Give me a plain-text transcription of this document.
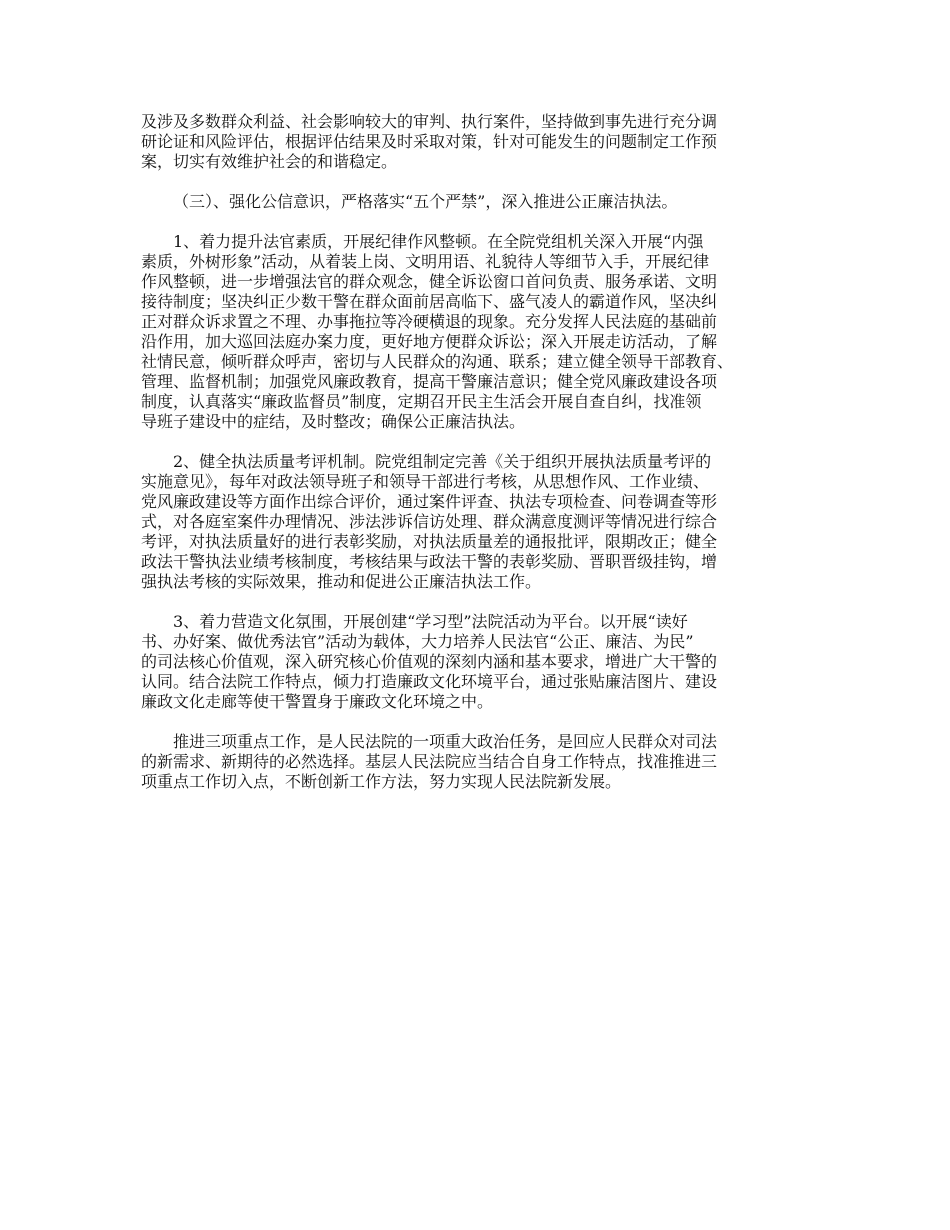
及涉及多数群众利益、社会影响较大的审判、执行案件，坚持做到事先进行充分调
研论证和风险评估，根据评估结果及时采取对策，针对可能发生的问题制定工作预
案，切实有效维护社会的和谐稳定。

（三）、强化公信意识，严格落实“五个严禁”，深入推进公正廉洁执法。

1、着力提升法官素质，开展纪律作风整顿。在全院党组机关深入开展“内强
素质，外树形象”活动，从着装上岗、文明用语、礼貌待人等细节入手，开展纪律
作风整顿，进一步增强法官的群众观念，健全诉讼窗口首问负责、服务承诺、文明
接待制度；坚决纠正少数干警在群众面前居高临下、盛气凌人的霸道作风，坚决纠
正对群众诉求置之不理、办事拖拉等冷硬横退的现象。充分发挥人民法庭的基础前
沿作用，加大巡回法庭办案力度，更好地方便群众诉讼；深入开展走访活动，了解
社情民意，倾听群众呼声，密切与人民群众的沟通、联系；建立健全领导干部教育、
管理、监督机制；加强党风廉政教育，提高干警廉洁意识；健全党风廉政建设各项
制度，认真落实“廉政监督员”制度，定期召开民主生活会开展自查自纠，找准领
导班子建设中的症结，及时整改；确保公正廉洁执法。

2、健全执法质量考评机制。院党组制定完善《关于组织开展执法质量考评的
实施意见》，每年对政法领导班子和领导干部进行考核，从思想作风、工作业绩、
党风廉政建设等方面作出综合评价，通过案件评查、执法专项检查、问卷调查等形
式，对各庭室案件办理情况、涉法涉诉信访处理、群众满意度测评等情况进行综合
考评，对执法质量好的进行表彰奖励，对执法质量差的通报批评，限期改正；健全
政法干警执法业绩考核制度，考核结果与政法干警的表彰奖励、晋职晋级挂钩，增
强执法考核的实际效果，推动和促进公正廉洁执法工作。

3、着力营造文化氛围，开展创建“学习型”法院活动为平台。以开展“读好
书、办好案、做优秀法官”活动为载体，大力培养人民法官“公正、廉洁、为民”
的司法核心价值观，深入研究核心价值观的深刻内涵和基本要求，增进广大干警的
认同。结合法院工作特点，倾力打造廉政文化环境平台，通过张贴廉洁图片、建设
廉政文化走廊等使干警置身于廉政文化环境之中。

推进三项重点工作，是人民法院的一项重大政治任务，是回应人民群众对司法
的新需求、新期待的必然选择。基层人民法院应当结合自身工作特点，找准推进三
项重点工作切入点，不断创新工作方法，努力实现人民法院新发展。
